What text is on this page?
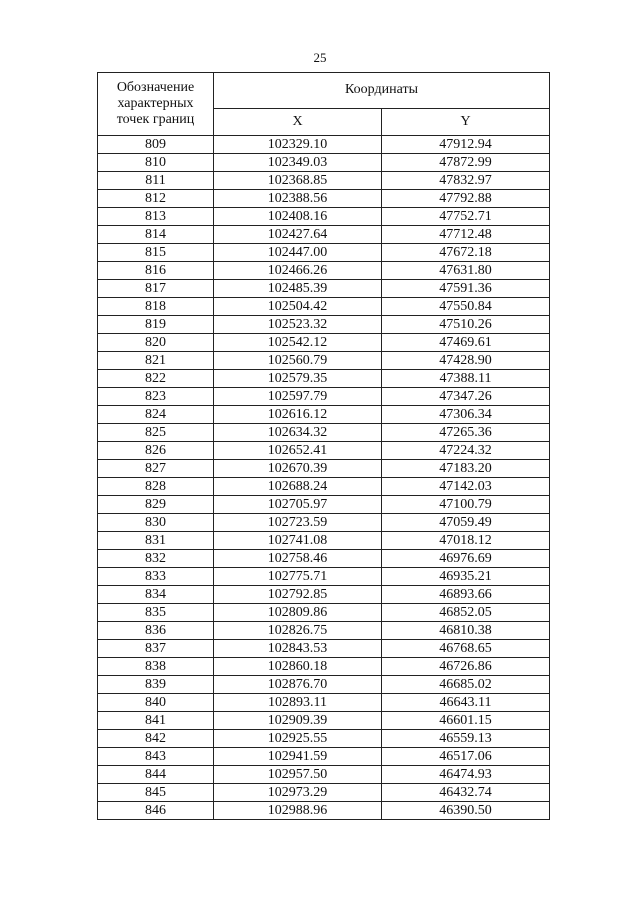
25
Обозначение
характерных
точек границ	Координаты	
	X	Y
809	102329.10	47912.94
810	102349.03	47872.99
811	102368.85	47832.97
812	102388.56	47792.88
813	102408.16	47752.71
814	102427.64	47712.48
815	102447.00	47672.18
816	102466.26	47631.80
817	102485.39	47591.36
818	102504.42	47550.84
819	102523.32	47510.26
820	102542.12	47469.61
821	102560.79	47428.90
822	102579.35	47388.11
823	102597.79	47347.26
824	102616.12	47306.34
825	102634.32	47265.36
826	102652.41	47224.32
827	102670.39	47183.20
828	102688.24	47142.03
829	102705.97	47100.79
830	102723.59	47059.49
831	102741.08	47018.12
832	102758.46	46976.69
833	102775.71	46935.21
834	102792.85	46893.66
835	102809.86	46852.05
836	102826.75	46810.38
837	102843.53	46768.65
838	102860.18	46726.86
839	102876.70	46685.02
840	102893.11	46643.11
841	102909.39	46601.15
842	102925.55	46559.13
843	102941.59	46517.06
844	102957.50	46474.93
845	102973.29	46432.74
846	102988.96	46390.50
